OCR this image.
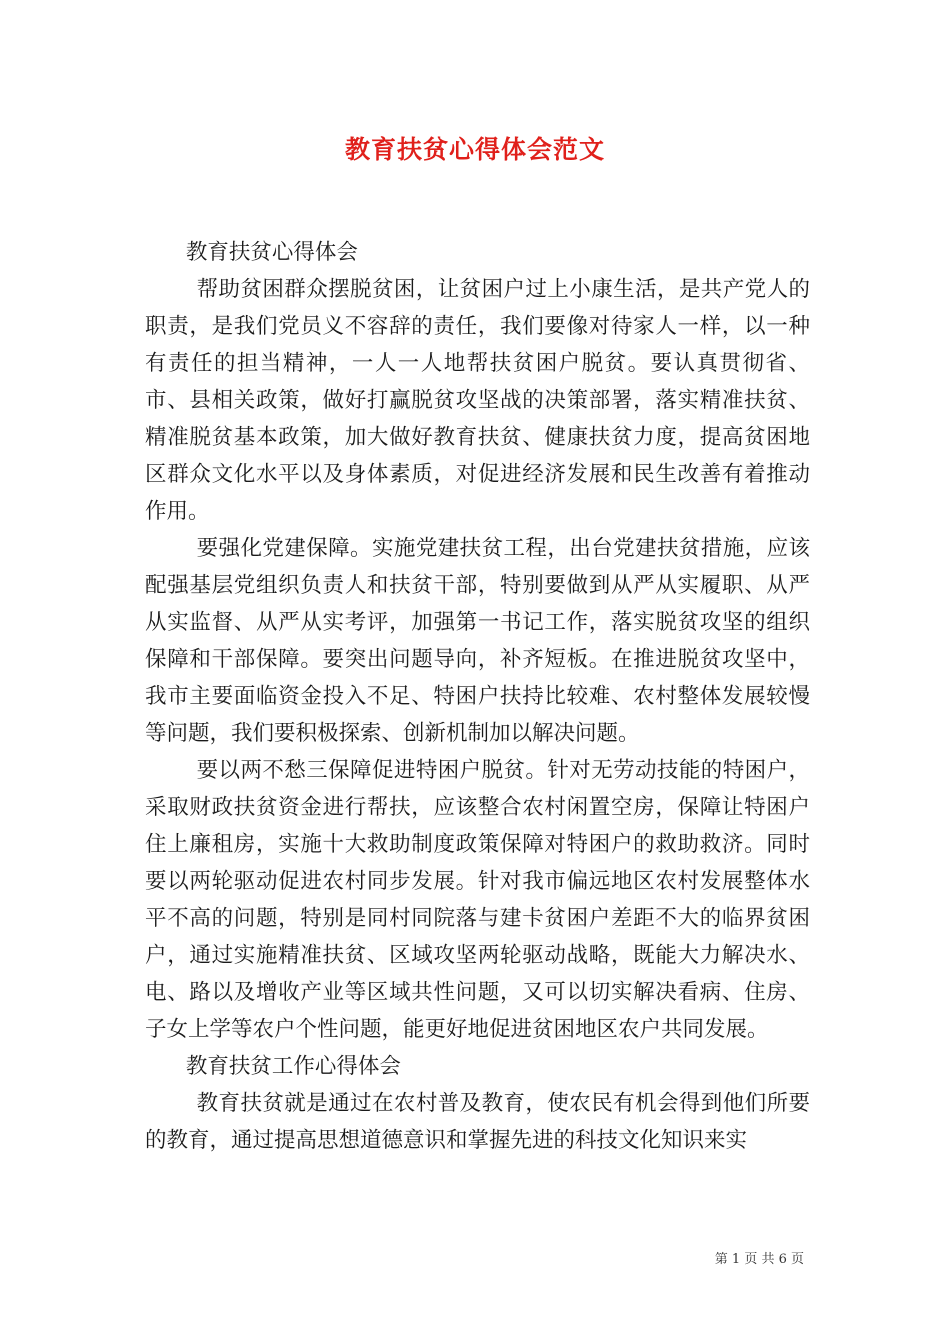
教育扶贫心得体会范文

教育扶贫心得体会

帮助贫困群众摆脱贫困，让贫困户过上小康生活，是共产党人的职责，是我们党员义不容辞的责任，我们要像对待家人一样，以一种有责任的担当精神，一人一人地帮扶贫困户脱贫。要认真贯彻省、市、县相关政策，做好打赢脱贫攻坚战的决策部署，落实精准扶贫、精准脱贫基本政策，加大做好教育扶贫、健康扶贫力度，提高贫困地区群众文化水平以及身体素质，对促进经济发展和民生改善有着推动作用。

要强化党建保障。实施党建扶贫工程，出台党建扶贫措施，应该配强基层党组织负责人和扶贫干部，特别要做到从严从实履职、从严从实监督、从严从实考评，加强第一书记工作，落实脱贫攻坚的组织保障和干部保障。要突出问题导向，补齐短板。在推进脱贫攻坚中，我市主要面临资金投入不足、特困户扶持比较难、农村整体发展较慢等问题，我们要积极探索、创新机制加以解决问题。

要以两不愁三保障促进特困户脱贫。针对无劳动技能的特困户，采取财政扶贫资金进行帮扶，应该整合农村闲置空房，保障让特困户住上廉租房，实施十大救助制度政策保障对特困户的救助救济。同时要以两轮驱动促进农村同步发展。针对我市偏远地区农村发展整体水平不高的问题，特别是同村同院落与建卡贫困户差距不大的临界贫困户，通过实施精准扶贫、区域攻坚两轮驱动战略，既能大力解决水、电、路以及增收产业等区域共性问题，又可以切实解决看病、住房、子女上学等农户个性问题，能更好地促进贫困地区农户共同发展。

教育扶贫工作心得体会

教育扶贫就是通过在农村普及教育，使农民有机会得到他们所要的教育，通过提高思想道德意识和掌握先进的科技文化知识来实

第 1 页 共 6 页
